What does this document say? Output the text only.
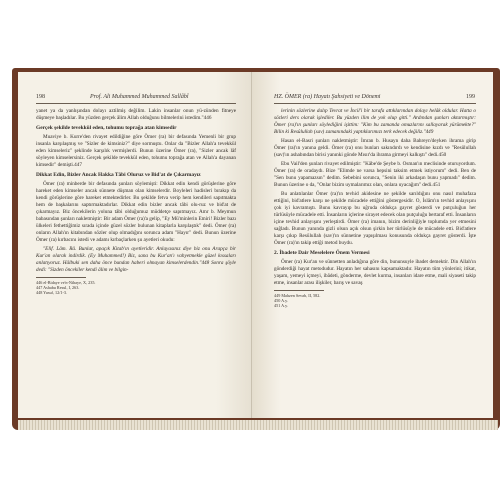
198	Prof. Ali Muhammed Muhammed Sallâbî

yanet ya da yanlışından dolayı aztilmiş değilim. Lakin insanlar onun yü-zünden fitneye düşmeye başladılar. Bu yüzden gerçek âlim Allah olduğunu bilmelerini istedim."446

Gerçek şekilde tevekkül eden, tohumu toprağa atan kimsedir

Muaviye b. Kurre'den rivayet edildiğine göre Ömer (ra) bir defasında Yemenli bir grup insanla karşılaşmış ve "Sizler de kimsiniz?" diye sormuştu. Onlar da "Bizler Allah'a tevekkül eden kimseleriz" şeklinde karşılık vermişlerdi. Bunun üzerine Ömer (ra), "Sizler ancak lâf söyleyen kimselersiniz. Gerçek şekilde tevekkül eden, tohumu toprağa atan ve Allah'a dayanan kimsedir" demişti.447

Dikkat Edin, Bizler Ancak Hakka Tâbi Oluruz ve Bid'at de Çıkarmayız

Ömer (ra) minberde bir defasında şunları söylemişti: Dikkat edin kendi görüşlerine göre hareket eden kimseler ancak sünnete düşman olan kimselerdir. Boyleleri hadisleri bırakıp da kendi görüşlerine göre hareket etmektedirler. Bu şekilde fetva verip hem kendileri sapıtmakta hem de başkalarını saptırmaktadırlar. Dikkat edin bizler ancak tâbi olu-ruz ve bid'at de çıkarmayız. Biz öncekilerin yoluna tâbi olduğumuz müddetçe sapıtmayız. Amr b. Meymun babasından şunları nakletmiştir: Bir adam Ömer (ra)'a gelip, "Ey Mü'minlerin Emiri! Bizler bazı ülkeleri fethettiğimiz sırada içinde güzel sözler bulunan kitaplarla karşılaştık" dedi. Ömer (ra) onların Allah'ın kitabından sözler olup olmadığını sorunca adam "Hayır" dedi. Bunun üzerine Ömer (ra) kırbacını istedi ve adamı kırbaçlarken şu ayetleri okudu:

"Elif. Lâm. Râ. Bunlar, apaçık Kitab'ın ayetleridir. Anlayasınız diye biz onu Arapça bir Kur'an olarak indirdik. (Ey Muhammed!) Biz, sana bu Kur'an'ı vahyetmekle güzel kıssaları anlatıyoruz. Hâlbuki sen daha önce bundan haberi olmayan kimselerdendin."448 Sonra şöyle dedi: "Sizden öncekiler kendi âlim ve bilgin-

446 el-Bidaye ve'n-Nihaye, X, 235.
447 Ashabu Resul, I, 263.
448 Yusuf, 12/1-3.
HZ. ÖMER (ra) Hayatı Şahsiyeti ve Dönemi	199

lerinin sözlerine dalıp Tevrat ve İncil'i bir tarafa attıklarından dolayı helâk oldular. Hatta o sözleri ders olarak işlediler. Bu yüzden ilim de yok olup gitti." Ardından şunları aktarmıştır: Ömer (ra)'ın şunları söylediğini işittim: "Kim bu zamanda omuzlarını sallayarak yürümekte?" Bilin ki Resûlullah (sav) zamanındaki yaptıklarımızı terk edecek değiliz."449

Hasan el-Basri şunları nakletmiştir: İmran b. Husayn daha Bahreyn'deyken ihrama girip Ömer (ra)'ın yanına geldi. Ömer (ra) onu bunları sakındırdı ve kendisine kızdı ve "Resûlullah (sav)'ın ashabından birisi yanınki gönde Mısır'da ihrama girmeyi kalkıştı" dedi.450

Ebu Vail'den şunları rivayet edilmiştir: "Kâbe'de Şeybe b. Osman'ın meclisinde oturuyordum. Ömer (ra) de oradaydı. Bize "Elimde ne varsa hepsini taksim etmek istiyorum" dedi. Ben de "Sen bunu yapamazsın" dedim. Sebebini sorunca, "Senin iki arkadaşın bunu yapmadı" dedim. Bunun üzerine o da, "Onlar bizim uymalarımız olan, onlara uyacağım" dedi.451

Bu anlatılanlar Ömer (ra)'ın tevhid akidesine ne şekilde sarıldığını onu nasıl muhafaza ettiğini, bid'atlere karşı ne şekilde mücadele ettiğini göstergesidir. O, İslâm'ın tevhid anlayışını çok iyi kavramıştı. Bunu kavrayıp bu uğruda oldukça gayret gösterdi ve putçuluğun her türlüsüyle mücadele etti. İnsanların içlerine sirayet edecek olan putçuluğu bertaraf etti. İnsanların içine tevhid anlayışını yerleştirdi. Ömer (ra) imanın, bizim derinliğiyle toplumda yer etmesini sağladı. Bunun yanında gizli olsun açık olsun şirkin her türlüsüyle de mücadele etti. Bid'atlere karşı çıkıp Resûlullah (sav)'ın sünnetine yapışılması konusunda oldukça gayret gösterdi. İşte Ömer (ra)'ın takip ettiği metod buydu.

2. İbadete Dair Meselelere Önem Vermesi

Ömer (ra) Kur'an ve sünnetten anladığına göre din, bununsuyle ibadet demektir. Din Allah'ın gönderdiği hayat metodudur. Hayatın her sahasını kapsamaktadır. Hayatın tüm yönlerini; itikat, yaşam, yemeyi içmeyi, ibâdeti, gönderme, devlet kurma, insanları idare etme, mali siyaseti takip etme, insanlar arası ilişkiler, barış ve savaş

449 Mahzen Sevab, II, 582.
450 A.y.
451 A.y.
